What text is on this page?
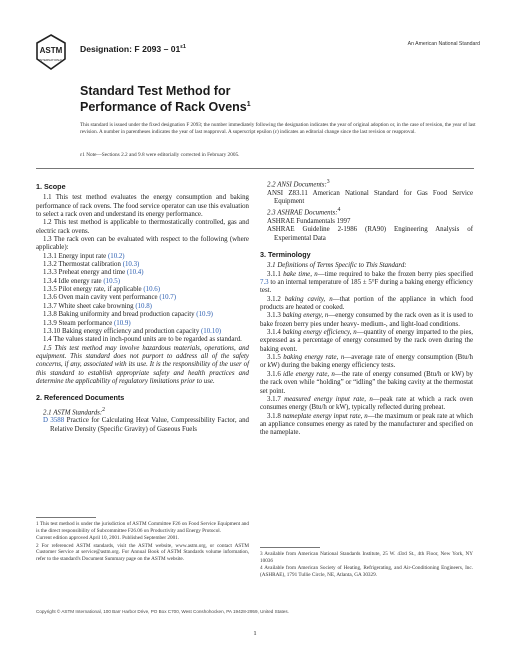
ASTM
INTERNATIONAL
Designation: F $2093 - 01^{\varepsilon 1}$
An American National Standard
Standard Test Method for
Performance of Rack Ovens$^1$
This standard is issued under the fixed designation F 2093; the number immediately following the designation indicates the year of original adoption or, in the case of revision, the year of last revision. A number in parentheses indicates the year of last reapproval. A superscript epsilon (ε) indicates an editorial change since the last revision or reapproval.
ε1 Note—Sections 2.2 and 9.8 were editorially corrected in February 2005.

1. Scope

1.1 This test method evaluates the energy consumption and baking performance of rack ovens. The food service operator can use this evaluation to select a rack oven and understand its energy performance.

1.2 This test method is applicable to thermostatically controlled, gas and electric rack ovens.

1.3 The rack oven can be evaluated with respect to the following (where applicable):

1.3.1 Energy input rate (10.2)

1.3.2 Thermostat calibration (10.3)

1.3.3 Preheat energy and time (10.4)

1.3.4 Idle energy rate (10.5)

1.3.5 Pilot energy rate, if applicable (10.6)

1.3.6 Oven main cavity vent performance (10.7)

1.3.7 White sheet cake browning (10.8)

1.3.8 Baking uniformity and bread production capacity (10.9)

1.3.9 Steam performance (10.9)

1.3.10 Baking energy efficiency and production capacity (10.10)

1.4 The values stated in inch-pound units are to be regarded as standard.

1.5 This test method may involve hazardous materials, operations, and equipment. This standard does not purport to address all of the safety concerns, if any, associated with its use. It is the responsibility of the user of this standard to establish appropriate safety and health practices and determine the applicability of regulatory limitations prior to use.

2. Referenced Documents

2.1 ASTM Standards:$^2$

D 3588 Practice for Calculating Heat Value, Compressibility Factor, and Relative Density (Specific Gravity) of Gaseous Fuels

2.2 ANSI Documents:$^3$

ANSI Z83.11 American National Standard for Gas Food Service Equipment

2.3 ASHRAE Documents:$^4$

ASHRAE Fundamentals 1997

ASHRAE Guideline 2-1986 (RA90) Engineering Analysis of Experimental Data

3. Terminology

3.1 Definitions of Terms Specific to This Standard:

3.1.1 bake time, n—time required to bake the frozen berry pies specified 7.3 to an internal temperature of 185 ± 5°F during a baking energy efficiency test.

3.1.2 baking cavity, n—that portion of the appliance in which food products are heated or cooked.

3.1.3 baking energy, n—energy consumed by the rack oven as it is used to bake frozen berry pies under heavy- medium-, and light-load conditions.

3.1.4 baking energy efficiency, n—quantity of energy imparted to the pies, expressed as a percentage of energy consumed by the rack oven during the baking event.

3.1.5 baking energy rate, n—average rate of energy consumption (Btu/h or kW) during the baking energy efficiency tests.

3.1.6 idle energy rate, n—the rate of energy consumed (Btu/h or kW) by the rack oven while “holding” or “idling” the baking cavity at the thermostat set point.

3.1.7 measured energy input rate, n—peak rate at which a rack oven consumes energy (Btu/h or kW), typically reflected during preheat.

3.1.8 nameplate energy input rate, n—the maximum or peak rate at which an appliance consumes energy as rated by the manufacturer and specified on the nameplate.

1 This test method is under the jurisdiction of ASTM Committee F26 on Food Service Equipment and is the direct responsibility of Subcommittee F26.06 on Productivity and Energy Protocol.

Current edition approved April 10, 2001. Published September 2001.

2 For referenced ASTM standards, visit the ASTM website, www.astm.org, or contact ASTM Customer Service at service@astm.org. For Annual Book of ASTM Standards volume information, refer to the standard's Document Summary page on the ASTM website.

3 Available from American National Standards Institute, 25 W. 43rd St., 4th Floor, New York, NY 10036

4 Available from American Society of Heating, Refrigerating, and Air-Conditioning Engineers, Inc. (ASHRAE), 1791 Tullie Circle, NE, Atlanta, GA 30329.

Copyright © ASTM International, 100 Barr Harbor Drive, PO Box C700, West Conshohocken, PA 19428-2959, United States.
1
